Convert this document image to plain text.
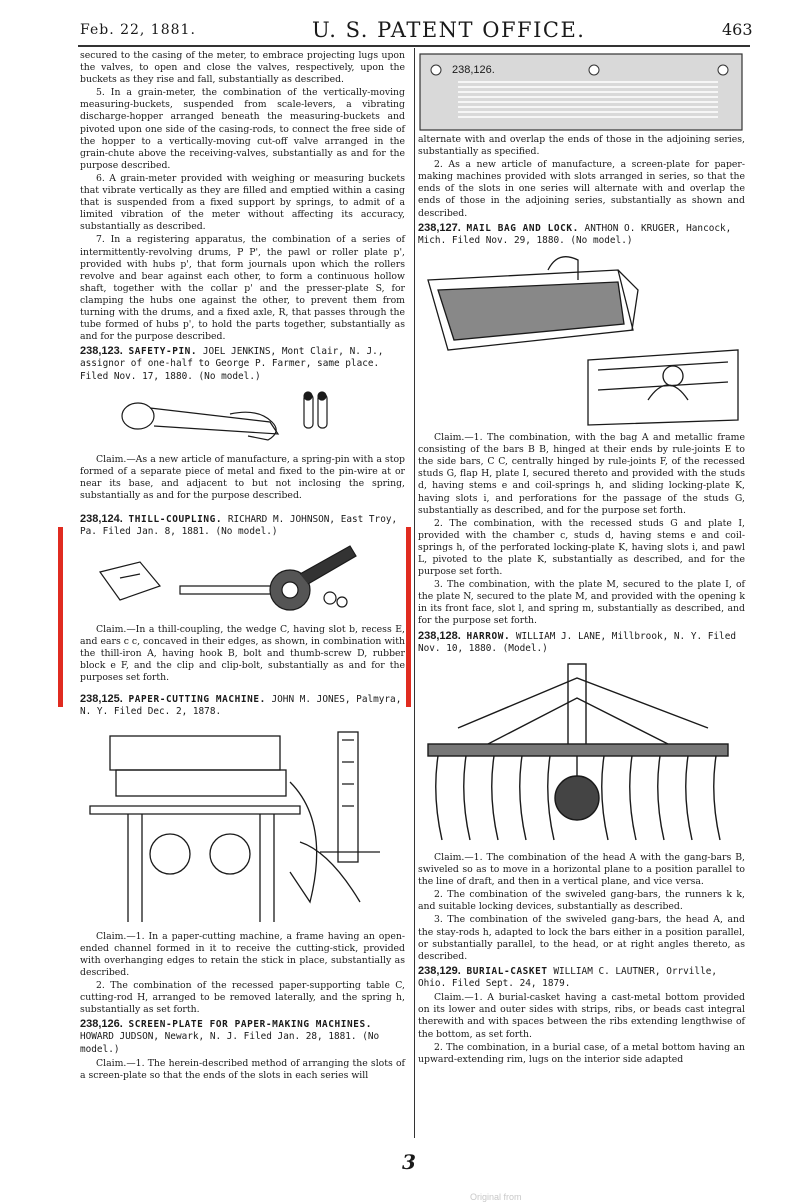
Feb. 22, 1881.	U. S. PATENT OFFICE.	463

secured to the casing of the meter, to embrace projecting lugs upon the valves, to open and close the valves, respectively, upon the buckets as they rise and fall, substantially as described.

5. In a grain-meter, the combination of the vertically-moving measuring-buckets, suspended from scale-levers, a vibrating discharge-hopper arranged beneath the measuring-buckets and pivoted upon one side of the casing-rods, to connect the free side of the hopper to a vertically-moving cut-off valve arranged in the grain-chute above the receiving-valves, substantially as and for the purpose described.

6. A grain-meter provided with weighing or measuring buckets that vibrate vertically as they are filled and emptied within a casing that is suspended from a fixed support by springs, to admit of a limited vibration of the meter without affecting its accuracy, substantially as described.

7. In a registering apparatus, the combination of a series of intermittently-revolving drums, P P', the pawl or roller plate p', provided with hubs p', that form journals upon which the rollers revolve and bear against each other, to form a continuous hollow shaft, together with the collar p' and the presser-plate S, for clamping the hubs one against the other, to prevent them from turning with the drums, and a fixed axle, R, that passes through the tube formed of hubs p', to hold the parts together, substantially as and for the purpose described.

238,123. SAFETY-PIN. JOEL JENKINS, Mont Clair, N. J., assignor of one-half to George P. Farmer, same place. Filed Nov. 17, 1880. (No model.)

Claim.—As a new article of manufacture, a spring-pin with a stop formed of a separate piece of metal and fixed to the pin-wire at or near its base, and adjacent to but not inclosing the spring, substantially as and for the purpose described.

238,124. THILL-COUPLING. RICHARD M. JOHNSON, East Troy, Pa. Filed Jan. 8, 1881. (No model.)

Claim.—In a thill-coupling, the wedge C, having slot b, recess E, and ears c c, concaved in their edges, as shown, in combination with the thill-iron A, having hook B, bolt and thumb-screw D, rubber block e F, and the clip and clip-bolt, substantially as and for the purposes set forth.

238,125. PAPER-CUTTING MACHINE. JOHN M. JONES, Palmyra, N. Y. Filed Dec. 2, 1878.

Claim.—1. In a paper-cutting machine, a frame having an open-ended channel formed in it to receive the cutting-stick, provided with overhanging edges to retain the stick in place, substantially as described.

2. The combination of the recessed paper-supporting table C, cutting-rod H, arranged to be removed laterally, and the spring h, substantially as set forth.

238,126. SCREEN-PLATE FOR PAPER-MAKING MACHINES. HOWARD JUDSON, Newark, N. J. Filed Jan. 28, 1881. (No model.)

Claim.—1. The herein-described method of arranging the slots of a screen-plate so that the ends of the slots in each series will

238,126.

alternate with and overlap the ends of those in the adjoining series, substantially as specified.

2. As a new article of manufacture, a screen-plate for paper-making machines provided with slots arranged in series, so that the ends of the slots in one series will alternate with and overlap the ends of those in the adjoining series, substantially as shown and described.

238,127. MAIL BAG AND LOCK. ANTHON O. KRUGER, Hancock, Mich. Filed Nov. 29, 1880. (No model.)

Claim.—1. The combination, with the bag A and metallic frame consisting of the bars B B, hinged at their ends by rule-joints E to the side bars, C C, centrally hinged by rule-joints F, of the recessed studs G, flap H, plate I, secured thereto and provided with the studs d, having stems e and coil-springs h, and sliding locking-plate K, having slots i, and perforations for the passage of the studs G, substantially as described, and for the purpose set forth.

2. The combination, with the recessed studs G and plate I, provided with the chamber c, studs d, having stems e and coil-springs h, of the perforated locking-plate K, having slots i, and pawl L, pivoted to the plate K, substantially as described, and for the purpose set forth.

3. The combination, with the plate M, secured to the plate I, of the plate N, secured to the plate M, and provided with the opening k in its front face, slot l, and spring m, substantially as described, and for the purpose set forth.

238,128. HARROW. WILLIAM J. LANE, Millbrook, N. Y. Filed Nov. 10, 1880. (Model.)

Claim.—1. The combination of the head A with the gang-bars B, swiveled so as to move in a horizontal plane to a position parallel to the line of draft, and then in a vertical plane, and vice versa.

2. The combination of the swiveled gang-bars, the runners k k, and suitable locking devices, substantially as described.

3. The combination of the swiveled gang-bars, the head A, and the stay-rods h, adapted to lock the bars either in a position parallel, or substantially parallel, to the head, or at right angles thereto, as described.

238,129. BURIAL-CASKET WILLIAM C. LAUTNER, Orrville, Ohio. Filed Sept. 24, 1879.

Claim.—1. A burial-casket having a cast-metal bottom provided on its lower and outer sides with strips, ribs, or beads cast integral therewith and with spaces between the ribs extending lengthwise of the bottom, as set forth.

2. The combination, in a burial case, of a metal bottom having an upward-extending rim, lugs on the interior side adapted

3
Original from
